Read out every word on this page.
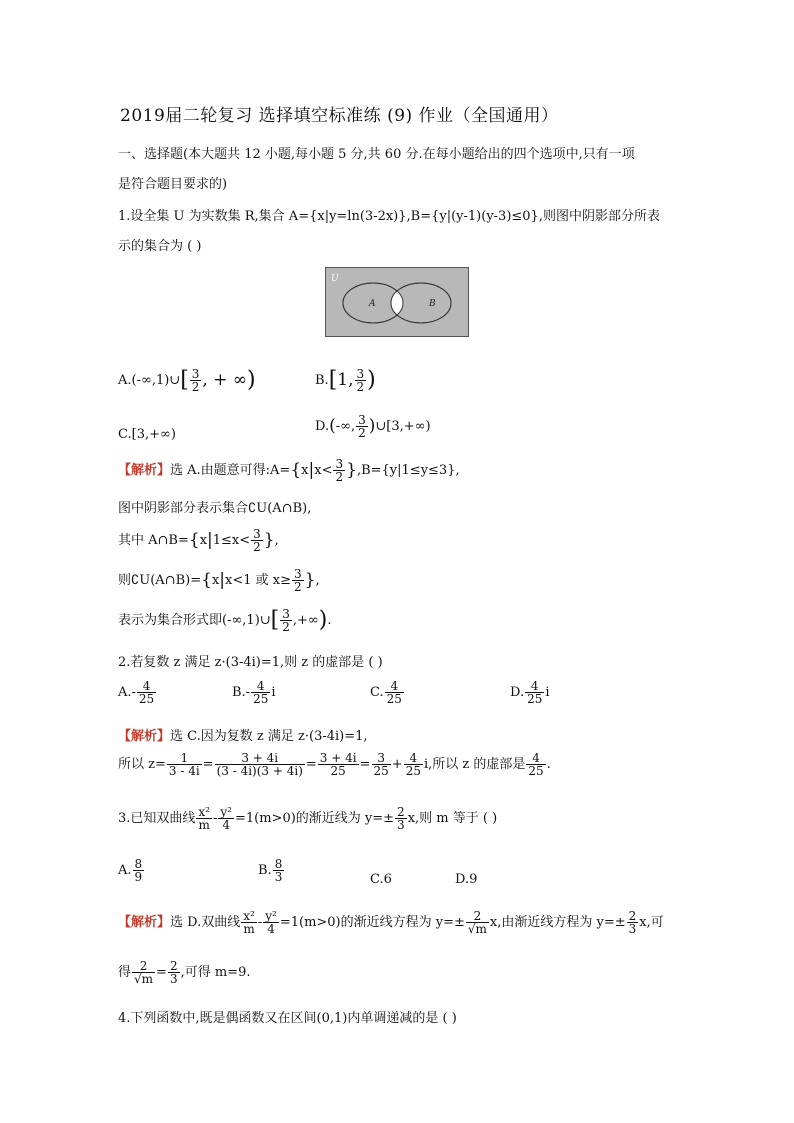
2019届二轮复习 选择填空标准练 (9) 作业（全国通用）
一、选择题(本大题共 12 小题,每小题 5 分,共 60 分.在每小题给出的四个选项中,只有一项
是符合题目要求的)
1.设全集 U 为实数集 R,集合 A={x|y=ln(3-2x)},B={y|(y-1)(y-3)≤0},则图中阴影部分所表
示的集合为 ( )
U
A	B
A.(-∞,1)∪[ $\frac{3}{2}$ , + ∞)	B.[1, $\frac{3}{2}$ )
C.[3,+∞)
D.(-∞, $\frac{3}{2}$ )∪[3,+∞)
【解析】选 A.由题意可得:A={x|x< $\frac{3}{2} \},B=\{y|1\le y\le 3\}$,
图中阴影部分表示集合∁U(A∩B),
其中 A∩B={x|1≤x< $\frac{3}{2}$ },
则∁U(A∩B)={x|x<1 或 $x\ge \frac{3}{2}$ },
表示为集合形式即(-∞,1)∪[ $\frac{3}{2}$ ,+∞).
2.若复数 z 满足 z·(3-4i)=1,则 z 的虚部是 ( )
$A.- \frac{4}{25}$	$B.- \frac{4}{25}$ i	C. $\frac{4}{25}$	D. $\frac{4}{25}$ i
【解析】选 C.因为复数 z 满足 z·(3-4i)=1,
所以 $z= \frac{1}{3 - 4i} = \frac{3 + 4i}{(3 - 4i)(3 + 4i)} = \frac{3 + 4i}{25} = \frac{3}{25} + \frac{4}{25} i$,所以 z 的虚部是 $\frac{4}{25}$ .
3.已知双曲线 $\frac{\text{x²}}{m} - \frac{\text{y²}}{4} =1(m>0)$的渐近线为 $y=\pm \frac{2}{3} x$,则 m 等于 ( )
A. $\frac{8}{9}$	B. $\frac{8}{3}$	C.6	D.9
【解析】选 D.双曲线 $\frac{\text{x²}}{m} - \frac{\text{y²}}{4} =1(m>0)$的渐近线方程为 $y=\pm \frac{2}{√m} x$,由渐近线方程为 $y=\pm \frac{2}{3} x$,可
得 $\frac{2}{√m} = \frac{2}{3}$ ,可得 m=9.
4.下列函数中,既是偶函数又在区间(0,1)内单调递减的是 ( )
